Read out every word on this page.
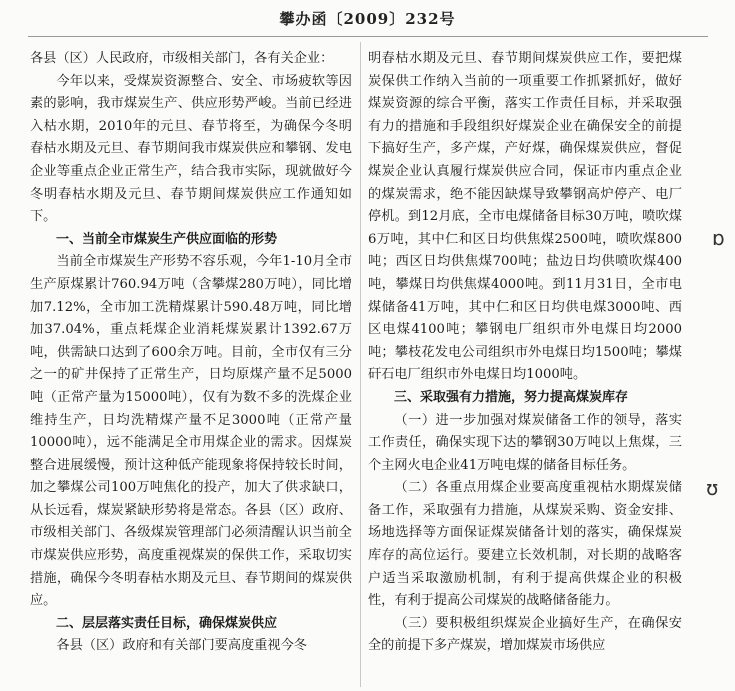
攀办函〔2009〕232号

各县（区）人民政府，市级相关部门，各有关企业：

今年以来，受煤炭资源整合、安全、市场疲软等因素的影响，我市煤炭生产、供应形势严峻。当前已经进入枯水期，2010年的元旦、春节将至，为确保今冬明春枯水期及元旦、春节期间我市煤炭供应和攀钢、发电企业等重点企业正常生产，结合我市实际，现就做好今冬明春枯水期及元旦、春节期间煤炭供应工作通知如下。

一、当前全市煤炭生产供应面临的形势

当前全市煤炭生产形势不容乐观，今年1-10月全市生产原煤累计760.94万吨（含攀煤280万吨），同比增加7.12%，全市加工洗精煤累计590.48万吨，同比增加37.04%，重点耗煤企业消耗煤炭累计1392.67万吨，供需缺口达到了600余万吨。目前，全市仅有三分之一的矿井保持了正常生产，日均原煤产量不足5000吨（正常产量为15000吨），仅有为数不多的洗煤企业维持生产，日均洗精煤产量不足3000吨（正常产量10000吨），远不能满足全市用煤企业的需求。因煤炭整合进展缓慢，预计这种低产能现象将保持较长时间，加之攀煤公司100万吨焦化的投产，加大了供求缺口，从长远看，煤炭紧缺形势将是常态。各县（区）政府、市级相关部门、各级煤炭管理部门必须清醒认识当前全市煤炭供应形势，高度重视煤炭的保供工作，采取切实措施，确保今冬明春枯水期及元旦、春节期间的煤炭供应。

二、层层落实责任目标，确保煤炭供应

各县（区）政府和有关部门要高度重视今冬

明春枯水期及元旦、春节期间煤炭供应工作，要把煤炭保供工作纳入当前的一项重要工作抓紧抓好，做好煤炭资源的综合平衡，落实工作责任目标，并采取强有力的措施和手段组织好煤炭企业在确保安全的前提下搞好生产，多产煤，产好煤，确保煤炭供应，督促煤炭企业认真履行煤炭供应合同，保证市内重点企业的煤炭需求，绝不能因缺煤导致攀钢高炉停产、电厂停机。到12月底，全市电煤储备目标30万吨，喷吹煤6万吨，其中仁和区日均供焦煤2500吨，喷吹煤800吨；西区日均供焦煤700吨；盐边日均供喷吹煤400吨，攀煤日均供焦煤4000吨。到11月31日，全市电煤储备41万吨，其中仁和区日均供电煤3000吨、西区电煤4100吨；攀钢电厂组织市外电煤日均2000吨；攀枝花发电公司组织市外电煤日均1500吨；攀煤矸石电厂组织市外电煤日均1000吨。

三、采取强有力措施，努力提高煤炭库存

（一）进一步加强对煤炭储备工作的领导，落实工作责任，确保实现下达的攀钢30万吨以上焦煤，三个主网火电企业41万吨电煤的储备目标任务。

（二）各重点用煤企业要高度重视枯水期煤炭储备工作，采取强有力措施，从煤炭采购、资金安排、场地选择等方面保证煤炭储备计划的落实，确保煤炭库存的高位运行。要建立长效机制，对长期的战略客户适当采取激励机制，有利于提高供煤企业的积极性，有利于提高公司煤炭的战略储备能力。

（三）要积极组织煤炭企业搞好生产，在确保安全的前提下多产煤炭，增加煤炭市场供应

ɒ
ʊ
